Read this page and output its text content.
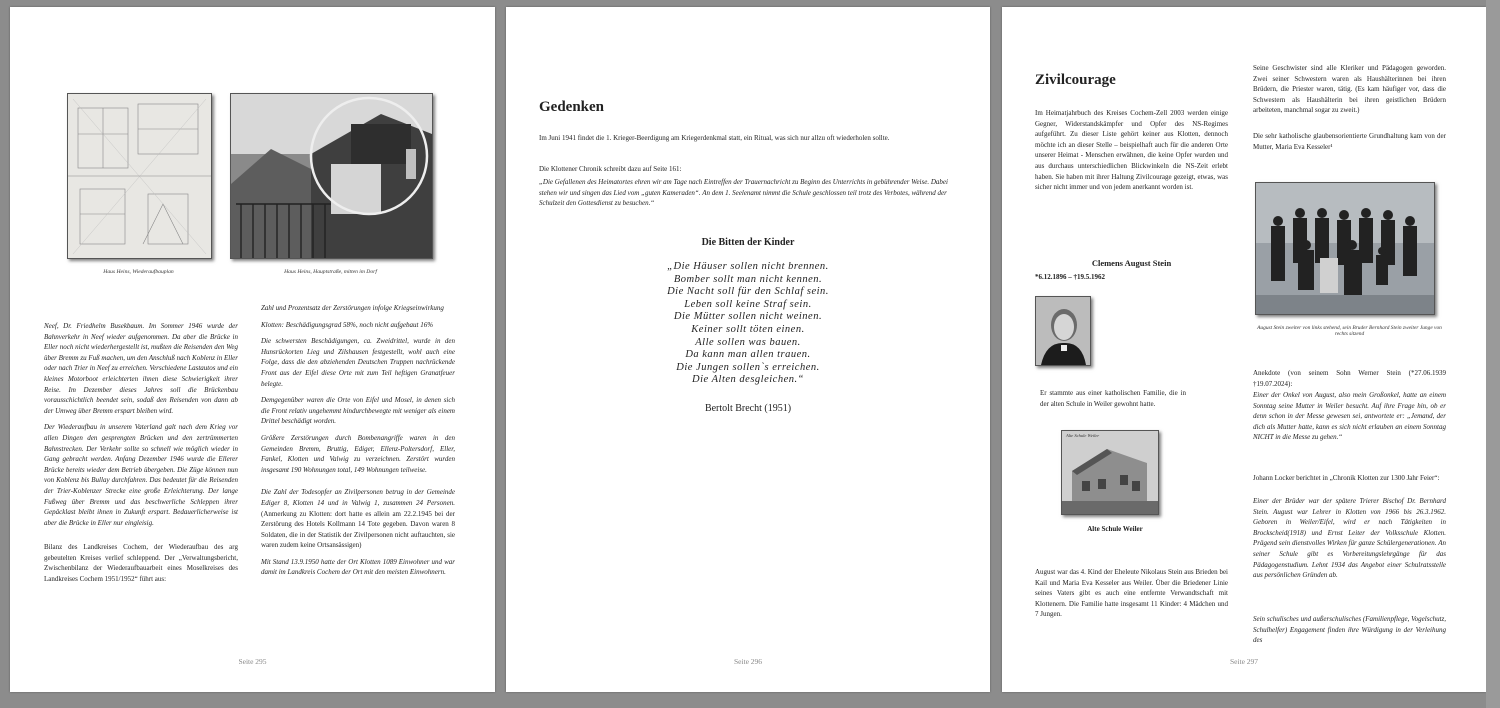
Haus Heins, Wiederaufbauplan	Haus Heins, Hauptstraße, mitten im Dorf

Neef, Dr. Friedhelm Busekbaum. Im Sommer 1946 wurde der Bahnverkehr in Neef wieder aufgenommen. Da aber die Brücke in Eller noch nicht wiederhergestellt ist, mußten die Reisenden den Weg über Bremm zu Fuß machen, um den Anschluß nach Koblenz in Eller oder nach Trier in Neef zu erreichen. Verschiedene Lastautos und ein kleines Motorboot erleichterten ihnen diese Schwierigkeit ihrer Reise. Im Dezember dieses Jahres soll die Brückenbau vorausschichtlich beendet sein, sodaß den Reisenden von dann ab der Umweg über Bremm erspart bleiben wird.

Der Wiederaufbau in unserem Vaterland galt nach dem Krieg vor allen Dingen den gesprengten Brücken und den zertrümmerten Bahnstrecken. Der Verkehr sollte so schnell wie möglich wieder in Gang gebracht werden. Anfang Dezember 1946 wurde die Ellerer Brücke bereits wieder dem Betrieb übergeben. Die Züge können nun von Koblenz bis Bullay durchfahren. Das bedeutet für die Reisenden der Trier-Koblenzer Strecke eine große Erleichterung. Der lange Fußweg über Bremm und das beschwerliche Schleppen ihrer Gepäcklast bleibt ihnen in Zukunft erspart. Bedauerlicherweise ist aber die Brücke in Eller nur eingleisig.

Bilanz des Landkreises Cochem, der Wiederaufbau des arg gebeutelten Kreises verlief schleppend. Der „Verwaltungsbericht, Zwischenbilanz der Wiederaufbauarbeit eines Moselkreises des Landkreises Cochem 1951/1952“ führt aus:

Zahl und Prozentsatz der Zerstörungen infolge Kriegseinwirkung

Klotten: Beschädigungsgrad 58%, noch nicht aufgebaut 16%

Die schwersten Beschädigungen, ca. Zweidrittel, wurde in den Hunsrückorten Lieg und Zilshausen festgestellt, wohl auch eine Folge, dass die den abziehenden Deutschen Truppen nachrückende Front aus der Eifel diese Orte mit zum Teil heftigen Granatfeuer belegte.

Demgegenüber waren die Orte von Eifel und Mosel, in denen sich die Front relativ ungehemmt hindurchbewegte mit weniger als einem Drittel beschädigt worden.

Größere Zerstörungen durch Bombenangriffe waren in den Gemeinden Bremm, Bruttig, Ediger, Ellenz-Poltersdorf, Eller, Fankel, Klotten und Valwig zu verzeichnen. Zerstört wurden insgesamt 190 Wohnungen total, 149 Wohnungen teilweise.

Die Zahl der Todesopfer an Zivilpersonen betrug in der Gemeinde Ediger 8, Klotten 14 und in Valwig 1, zusammen 24 Personen. (Anmerkung zu Klotten: dort hatte es allein am 22.2.1945 bei der Zerstörung des Hotels Kollmann 14 Tote gegeben. Davon waren 8 Soldaten, die in der Statistik der Zivilpersonen nicht auftauchten, sie waren zudem keine Ortsansässigen)

Mit Stand 13.9.1950 hatte der Ort Klotten 1089 Einwohner und war damit im Landkreis Cochem der Ort mit den meisten Einwohnern.

Seite 295
Gedenken

Im Juni 1941 findet die 1. Krieger-Beerdigung am Kriegerdenkmal statt, ein Ritual, was sich nur allzu oft wiederholen sollte.

Die Klottener Chronik schreibt dazu auf Seite 161:

„Die Gefallenen des Heimatortes ehren wir am Tage nach Eintreffen der Trauernachricht zu Beginn des Unterrichts in gebührender Weise. Dabei stehen wir und singen das Lied vom „guten Kameraden“. An dem 1. Seelenamt nimmt die Schule geschlossen teil trotz des Verbotes, während der Schulzeit den Gottesdienst zu besuchen.“

Die Bitten der Kinder
„Die Häuser sollen nicht brennen.
Bomber sollt man nicht kennen.
Die Nacht soll für den Schlaf sein.
Leben soll keine Straf sein.
Die Mütter sollen nicht weinen.
Keiner sollt töten einen.
Alle sollen was bauen.
Da kann man allen trauen.
Die Jungen sollen`s erreichen.
Die Alten desgleichen.“
Bertolt Brecht (1951)
Seite 296
Zivilcourage

Im Heimatjahrbuch des Kreises Cochem-Zell 2003 werden einige Gegner, Widerstandskämpfer und Opfer des NS-Regimes aufgeführt. Zu dieser Liste gehört keiner aus Klotten, dennoch möchte ich an dieser Stelle – beispielhaft auch für die anderen Orte unserer Heimat - Menschen erwähnen, die keine Opfer wurden und aus durchaus unterschiedlichen Blickwinkeln die NS-Zeit erlebt haben. Sie haben mit ihrer Haltung Zivilcourage gezeigt, etwas, was sicher nicht immer und von jedem anerkannt worden ist.

Clemens August Stein
*6.12.1896 – †19.5.1962

Er stammte aus einer katholischen Familie, die in der alten Schule in Weiler gewohnt hatte.

Alte Schule Weiler
Alte Schule Weiler

August war das 4. Kind der Eheleute Nikolaus Stein aus Brieden bei Kail und Maria Eva Kesseler aus Weiler. Über die Briedener Linie seines Vaters gibt es auch eine entfernte Verwandtschaft mit Klottenern. Die Familie hatte insgesamt 11 Kinder: 4 Mädchen und 7 Jungen.

Seine Geschwister sind alle Kleriker und Pädagogen geworden. Zwei seiner Schwestern waren als Haushälterinnen bei ihren Brüdern, die Priester waren, tätig. (Es kam häufiger vor, dass die Schwestern als Haushälterin bei ihren geistlichen Brüdern arbeiteten, manchmal sogar zu zweit.)

Die sehr katholische glaubensorientierte Grundhaltung kam von der Mutter, Maria Eva Kesseler¹

August Stein zweiter von links stehend, sein Bruder Bernhard Stein zweiter Junge von rechts sitzend

Anekdote (von seinem Sohn Werner Stein (*27.06.1939 †19.07.2024):

Einer der Onkel von August, also mein Großonkel, hatte an einem Sonntag seine Mutter in Weiler besucht. Auf ihre Frage hin, ob er denn schon in der Messe gewesen sei, antwortete er: „Jemand, der dich als Mutter hatte, kann es sich nicht erlauben an einem Sonntag NICHT in die Messe zu gehen.“

Johann Locker berichtet in „Chronik Klotten zur 1300 Jahr Feier“:

Einer der Brüder war der spätere Trierer Bischof Dr. Bernhard Stein. August war Lehrer in Klotten von 1966 bis 26.3.1962. Geboren in Weiler/Eifel, wird er nach Tätigkeiten in Brockscheid(1918) und Ernst Leiter der Volksschule Klotten. Prägend sein dienstvolles Wirken für ganze Schülergenerationen. An seiner Schule gibt es Vorbereitungslehrgänge für das Pädagogenstudium. Lehnt 1934 das Angebot einer Schulratsstelle aus persönlichen Gründen ab.

Sein schulisches und außerschulisches (Familienpflege, Vogelschutz, Schulhelfer) Engagement finden ihre Würdigung in der Verleihung des

Seite 297
